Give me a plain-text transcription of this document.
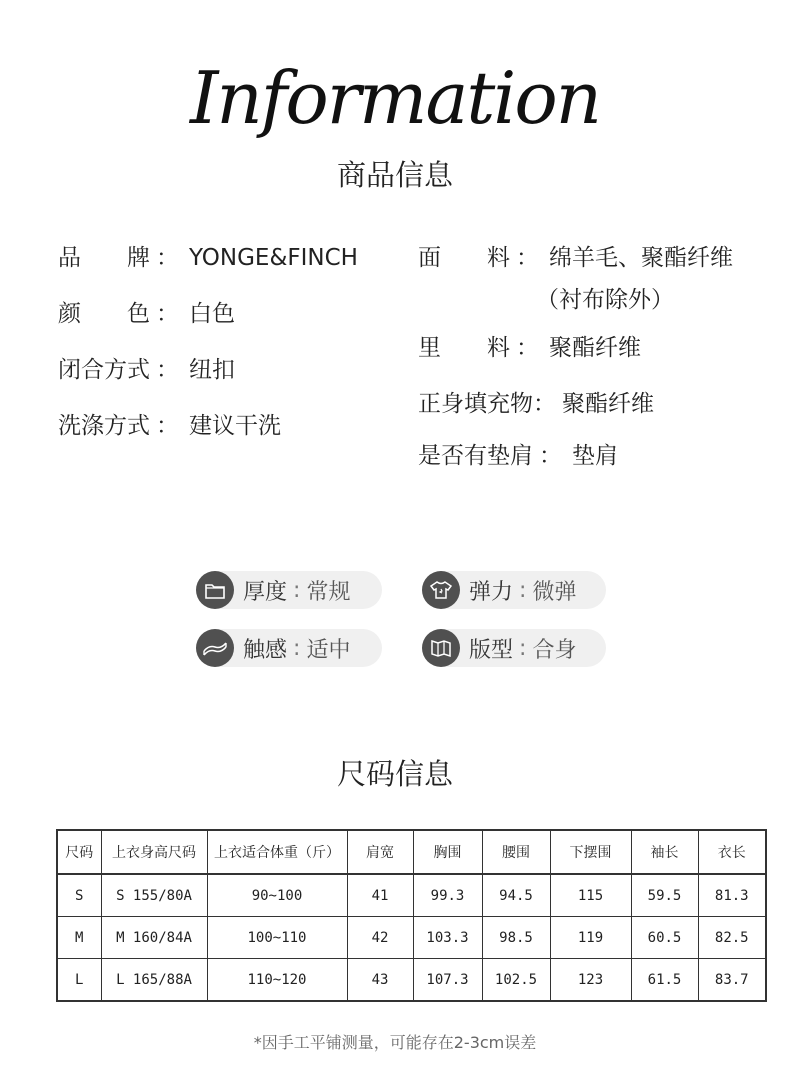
Information
商品信息
品　　牌 ： YONGE&FINCH
颜　　色 ： 白色
闭合方式 ： 纽扣
洗涤方式 ： 建议干洗
面　　料 ： 绵羊毛、聚酯纤维
（衬布除外）
里　　料 ： 聚酯纤维
正身填充物： 聚酯纤维
是否有垫肩 ： 垫肩
厚度 : 常规	弹力 : 微弹
触感 : 适中	版型 : 合身
尺码信息
尺码	上衣身高尺码	上衣适合体重（斤）	肩宽	胸围	腰围	下摆围	袖长	衣长
S	S 155/80A	90~100	41	99.3	94.5	115	59.5	81.3
M	M 160/84A	100~110	42	103.3	98.5	119	60.5	82.5
L	L 165/88A	110~120	43	107.3	102.5	123	61.5	83.7
*因手工平铺测量，可能存在2-3cm误差
